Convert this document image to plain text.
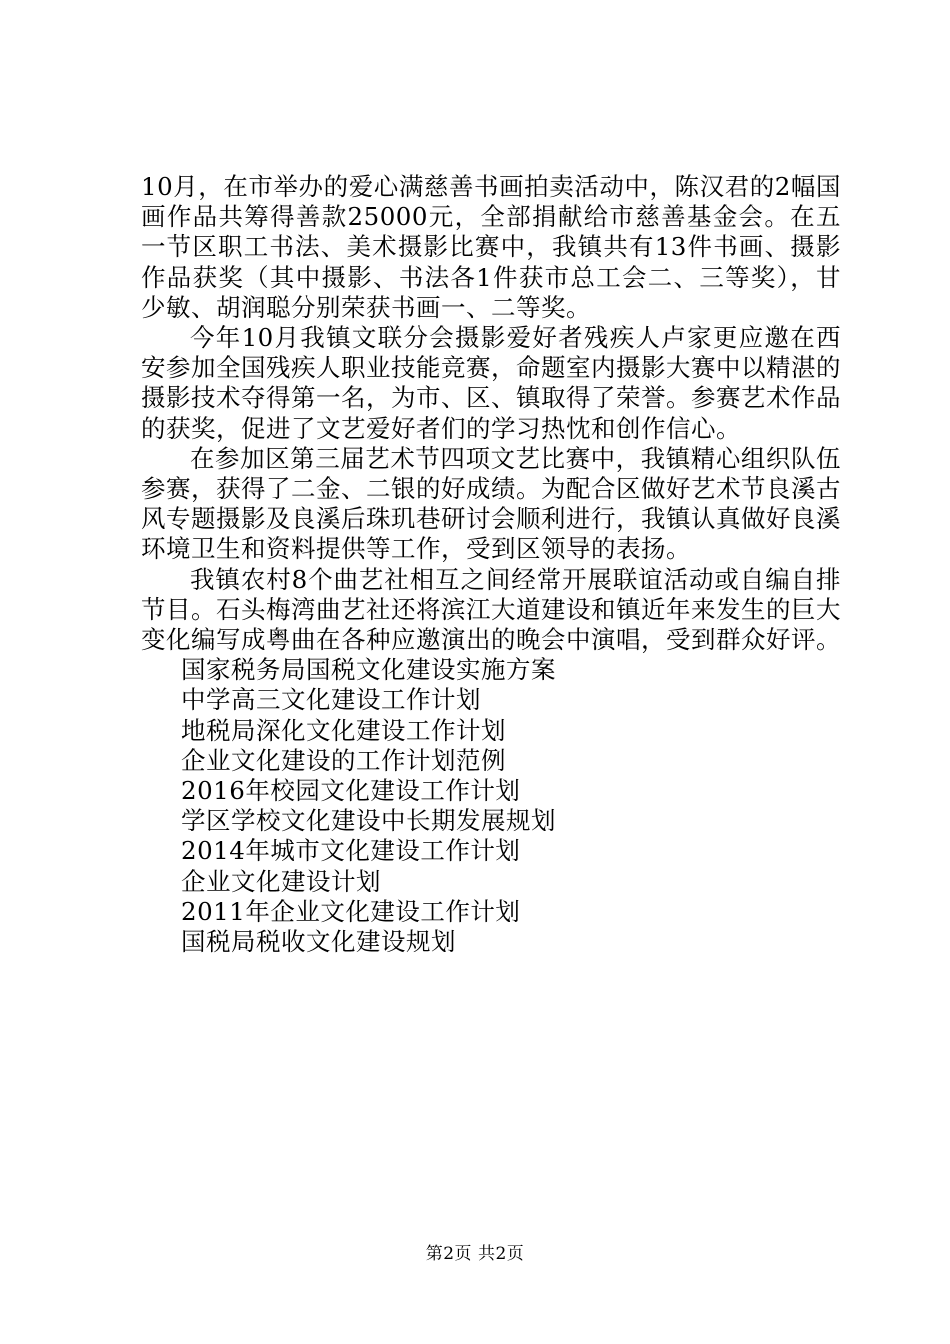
10月，在市举办的爱心满慈善书画拍卖活动中，陈汉君的2幅国画作品共筹得善款25000元，全部捐献给市慈善基金会。在五一节区职工书法、美术摄影比赛中，我镇共有13件书画、摄影作品获奖（其中摄影、书法各1件获市总工会二、三等奖），甘少敏、胡润聪分别荣获书画一、二等奖。

今年10月我镇文联分会摄影爱好者残疾人卢家更应邀在西安参加全国残疾人职业技能竞赛，命题室内摄影大赛中以精湛的摄影技术夺得第一名，为市、区、镇取得了荣誉。参赛艺术作品的获奖，促进了文艺爱好者们的学习热忱和创作信心。

在参加区第三届艺术节四项文艺比赛中，我镇精心组织队伍参赛，获得了二金、二银的好成绩。为配合区做好艺术节良溪古风专题摄影及良溪后珠玑巷研讨会顺利进行，我镇认真做好良溪环境卫生和资料提供等工作，受到区领导的表扬。

我镇农村8个曲艺社相互之间经常开展联谊活动或自编自排节目。石头梅湾曲艺社还将滨江大道建设和镇近年来发生的巨大变化编写成粤曲在各种应邀演出的晚会中演唱，受到群众好评。

国家税务局国税文化建设实施方案
中学高三文化建设工作计划
地税局深化文化建设工作计划
企业文化建设的工作计划范例
2016年校园文化建设工作计划
学区学校文化建设中长期发展规划
2014年城市文化建设工作计划
企业文化建设计划
2011年企业文化建设工作计划
国税局税收文化建设规划
第2页 共2页
